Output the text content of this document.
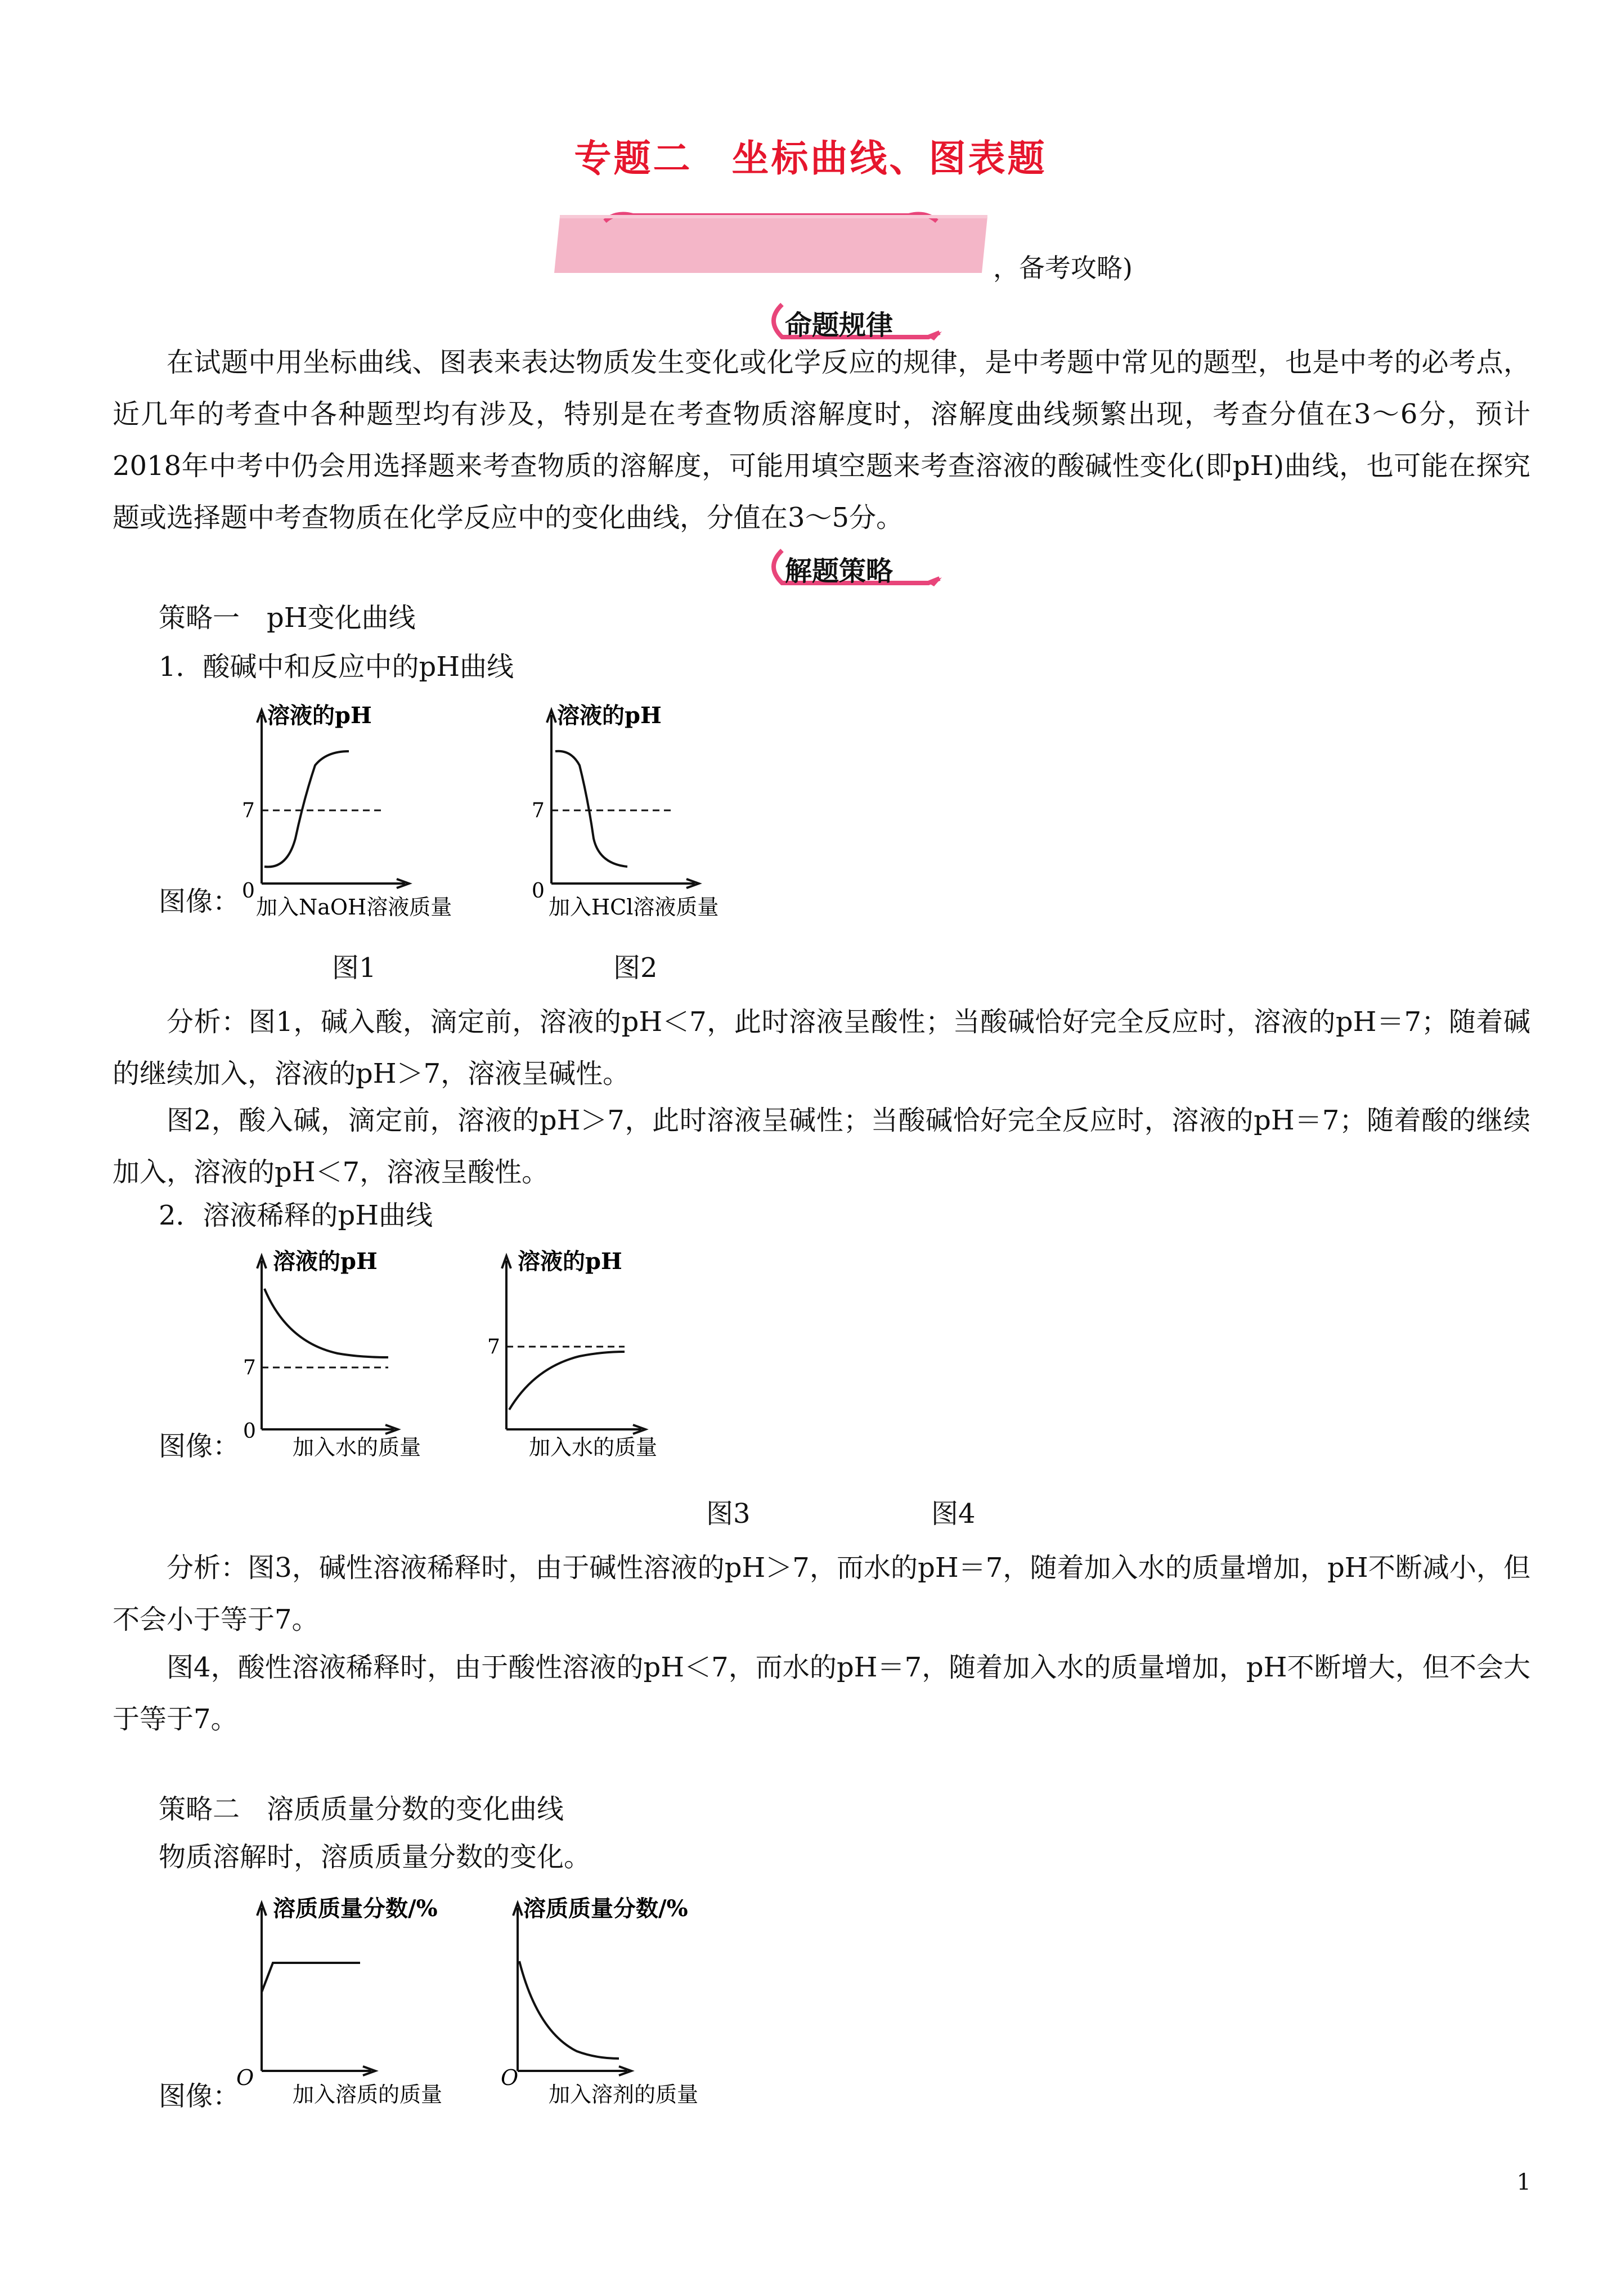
专题二　坐标曲线、图表题
，备考攻略)
命题规律
在试题中用坐标曲线、图表来表达物质发生变化或化学反应的规律，是中考题中常见的题型，也是中考的必考点，近几年的考查中各种题型均有涉及，特别是在考查物质溶解度时，溶解度曲线频繁出现，考查分值在3～6分，预计2018年中考中仍会用选择题来考查物质的溶解度，可能用填空题来考查溶液的酸碱性变化(即pH)曲线，也可能在探究题或选择题中考查物质在化学反应中的变化曲线，分值在3～5分。
解题策略
策略一　pH变化曲线
1．酸碱中和反应中的pH曲线
图像：
溶液的pH
7
0
加入NaOH溶液质量
溶液的pH
7
0
加入HCl溶液质量
图1	图2
分析：图1，碱入酸，滴定前，溶液的pH＜7，此时溶液呈酸性；当酸碱恰好完全反应时，溶液的pH＝7；随着碱的继续加入，溶液的pH＞7，溶液呈碱性。
图2，酸入碱，滴定前，溶液的pH＞7，此时溶液呈碱性；当酸碱恰好完全反应时，溶液的pH＝7；随着酸的继续加入，溶液的pH＜7，溶液呈酸性。
2．溶液稀释的pH曲线
图像：
溶液的pH
7
0
加入水的质量
溶液的pH
7
加入水的质量
图3	图4
分析：图3，碱性溶液稀释时，由于碱性溶液的pH＞7，而水的pH＝7，随着加入水的质量增加，pH不断减小，但不会小于等于7。
图4，酸性溶液稀释时，由于酸性溶液的pH＜7，而水的pH＝7，随着加入水的质量增加，pH不断增大，但不会大于等于7。
策略二　溶质质量分数的变化曲线
物质溶解时，溶质质量分数的变化。
图像：
溶质质量分数/%
O
加入溶质的质量
溶质质量分数/%
O
加入溶剂的质量
1
